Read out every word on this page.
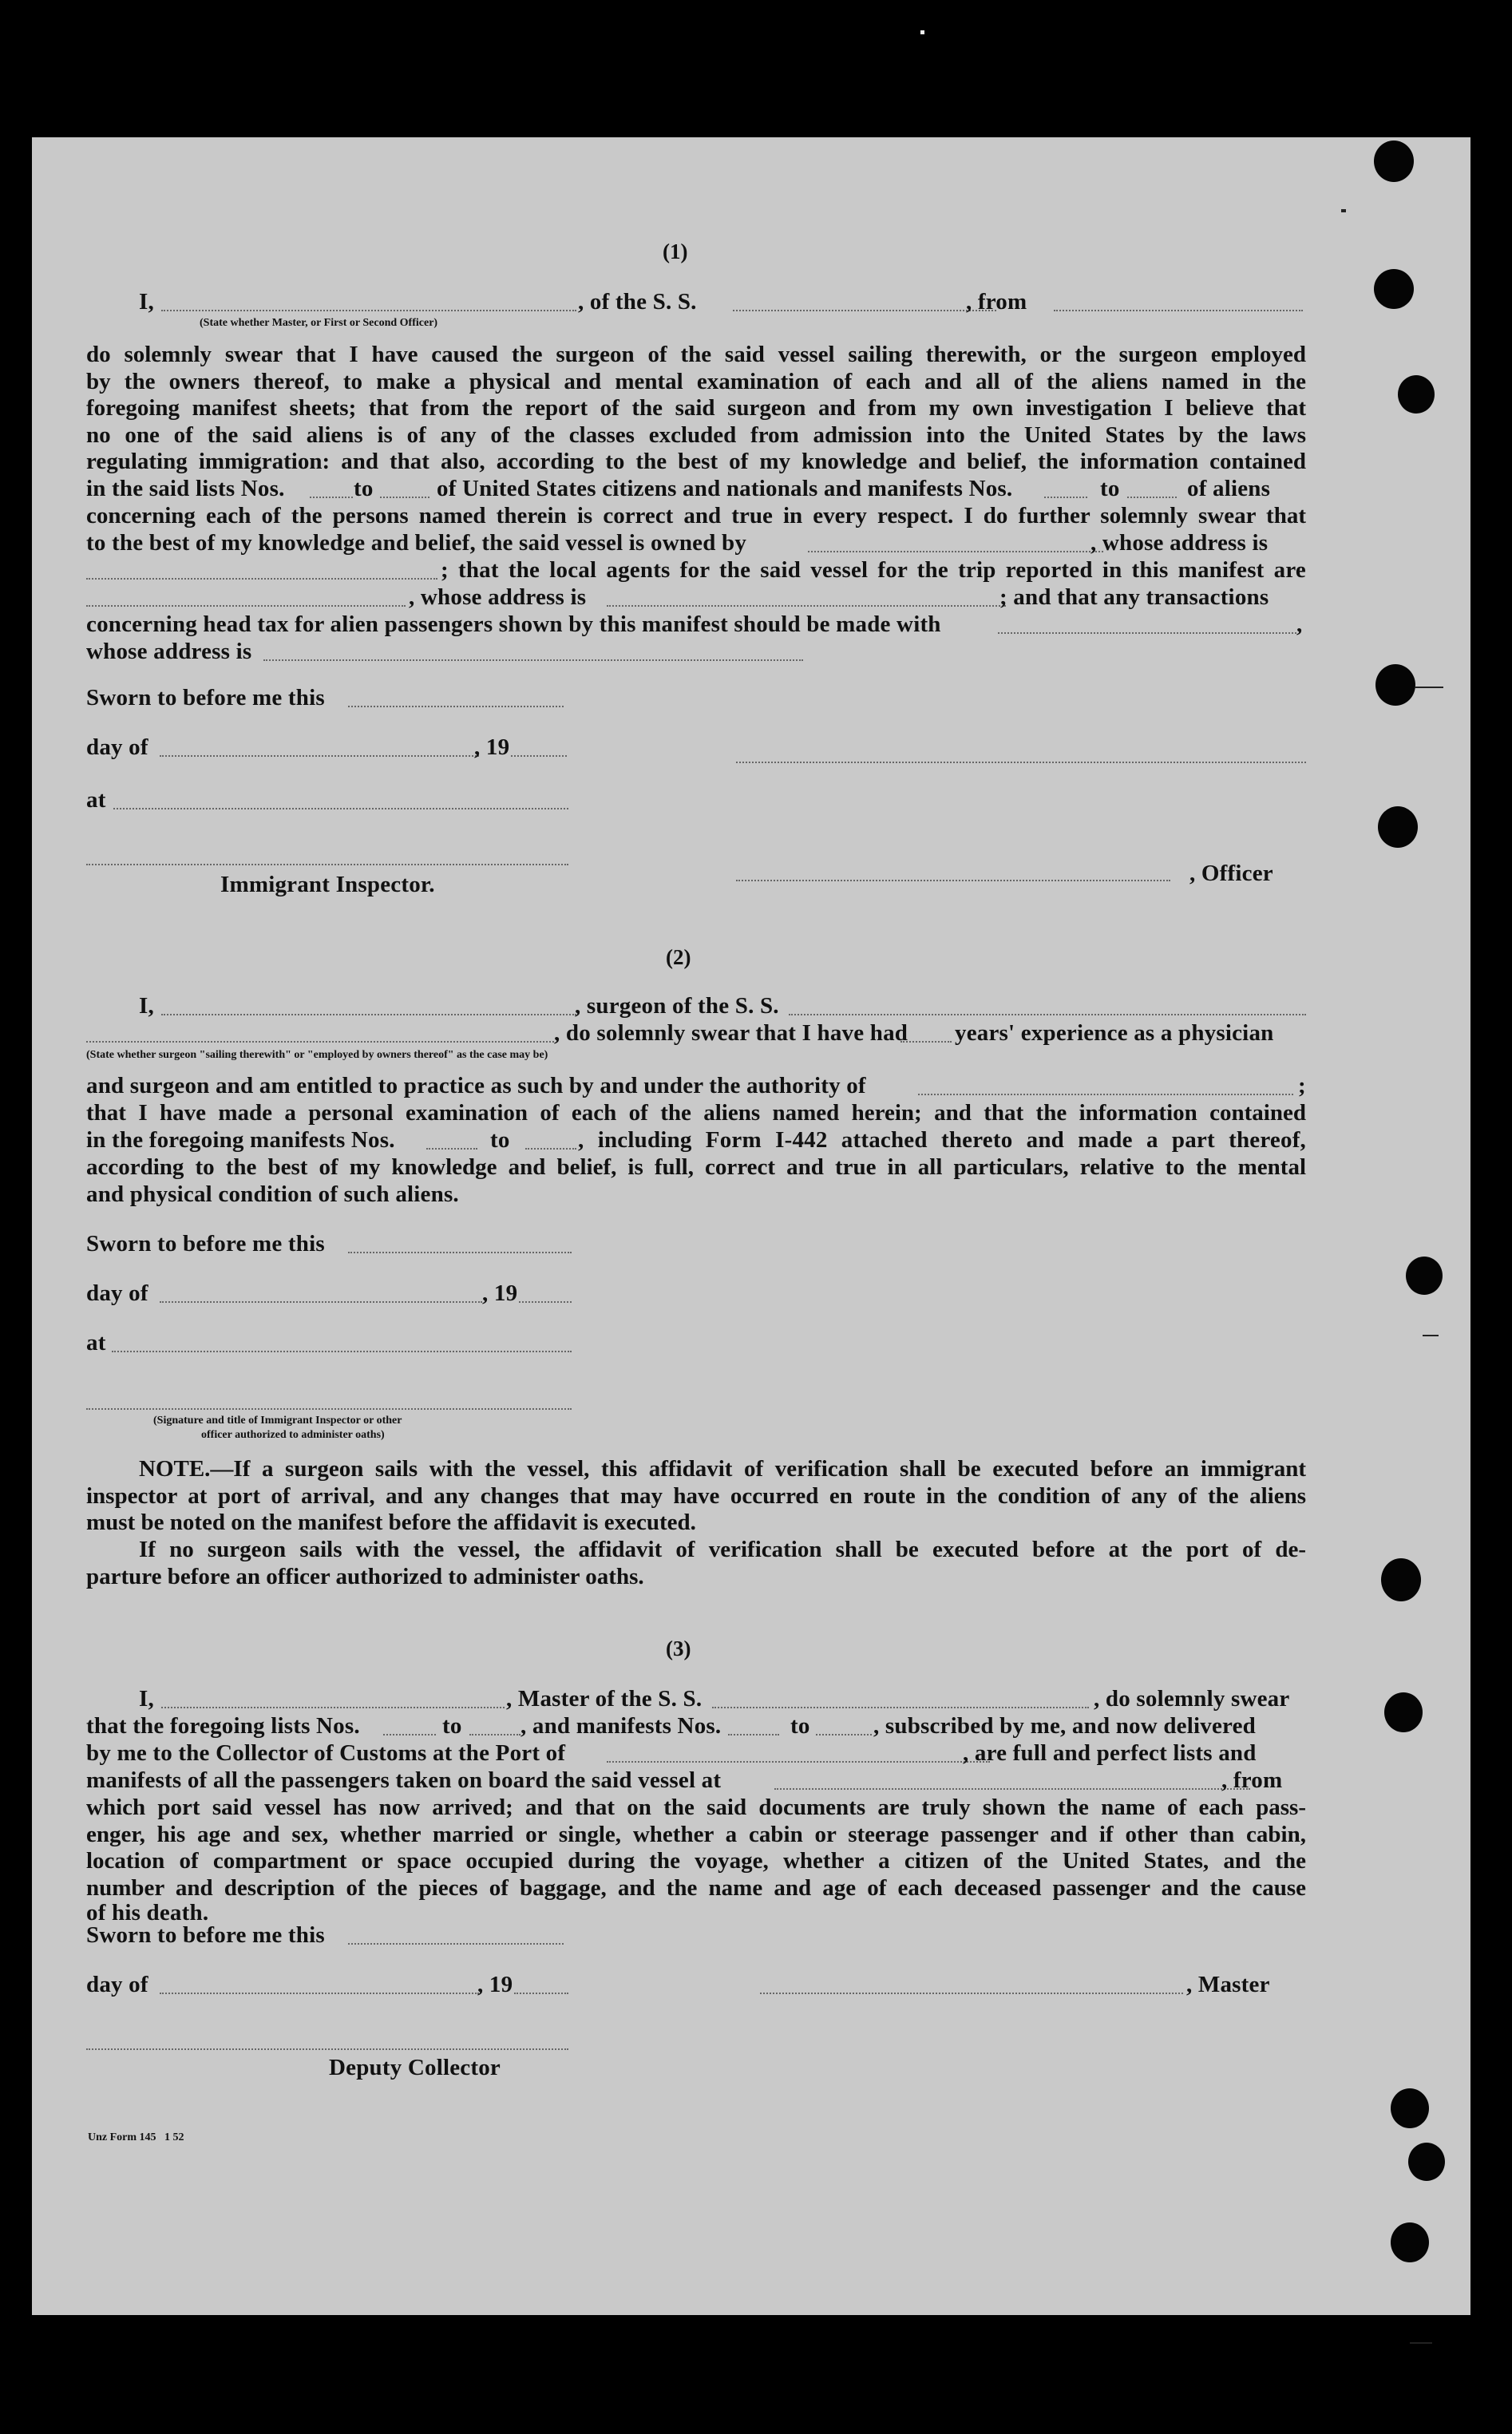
(1)
I,	, of the S. S.	, from
(State whether Master, or First or Second Officer)
do solemnly swear that I have caused the surgeon of the said vessel sailing therewith, or the surgeon employed
by the owners thereof, to make a physical and mental examination of each and all of the aliens named in the
foregoing manifest sheets; that from the report of the said surgeon and from my own investigation I believe that
no one of the said aliens is of any of the classes excluded from admission into the United States by the laws
regulating immigration: and that also, according to the best of my knowledge and belief, the information contained
in the said lists Nos.	to	of United States citizens and nationals and manifests Nos.	to	of aliens
concerning each of the persons named therein is correct and true in every respect. I do further solemnly swear that
to the best of my knowledge and belief, the said vessel is owned by	, whose address is
; that the local agents for the said vessel for the trip reported in this manifest are
, whose address is	; and that any transactions
concerning head tax for alien passengers shown by this manifest should be made with	,
whose address is
Sworn to before me this
day of	, 19
at
, Officer
Immigrant Inspector.
(2)
I,	, surgeon of the S. S.
, do solemnly swear that I have had years' experience as a physician
(State whether surgeon "sailing therewith" or "employed by owners thereof" as the case may be)
and surgeon and am entitled to practice as such by and under the authority of	;
that I have made a personal examination of each of the aliens named herein; and that the information contained
in the foregoing manifests Nos.	to	, including Form I-442 attached thereto and made a part thereof,
according to the best of my knowledge and belief, is full, correct and true in all particulars, relative to the mental
and physical condition of such aliens.
Sworn to before me this
day of	, 19
at
(Signature and title of Immigrant Inspector or other
officer authorized to administer oaths)
NOTE.—If a surgeon sails with the vessel, this affidavit of verification shall be executed before an immigrant
inspector at port of arrival, and any changes that may have occurred en route in the condition of any of the aliens
must be noted on the manifest before the affidavit is executed.
If no surgeon sails with the vessel, the affidavit of verification shall be executed before at the port of de-
parture before an officer authorized to administer oaths.
(3)
I,	, Master of the S. S.	, do solemnly swear
that the foregoing lists Nos.	to	, and manifests Nos.	to	, subscribed by me, and now delivered
by me to the Collector of Customs at the Port of	, are full and perfect lists and
manifests of all the passengers taken on board the said vessel at	, from
which port said vessel has now arrived; and that on the said documents are truly shown the name of each pass-
enger, his age and sex, whether married or single, whether a cabin or steerage passenger and if other than cabin,
location of compartment or space occupied during the voyage, whether a citizen of the United States, and the
number and description of the pieces of baggage, and the name and age of each deceased passenger and the cause
of his death.
Sworn to before me this
day of	, 19	, Master
Deputy Collector
Unz Form 145   1 52
